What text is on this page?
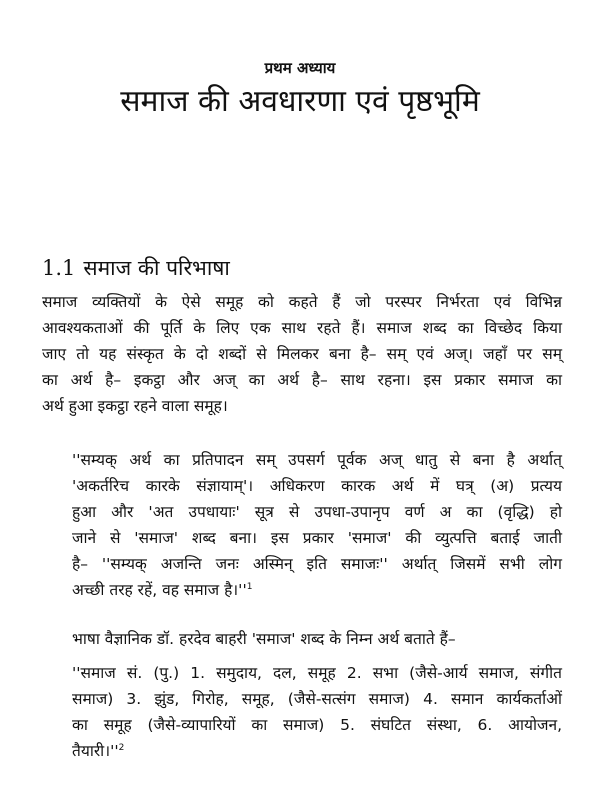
प्रथम अध्याय
समाज की अवधारणा एवं पृष्ठभूमि
1.1 समाज की परिभाषा
समाज व्यक्तियों के ऐसे समूह को कहते हैं जो परस्पर निर्भरता एवं विभिन्न
आवश्यकताओं की पूर्ति के लिए एक साथ रहते हैं। समाज शब्द का विच्छेद किया
जाए तो यह संस्कृत के दो शब्दों से मिलकर बना है– सम् एवं अज्। जहाँ पर सम्
का अर्थ है– इकट्ठा और अज् का अर्थ है– साथ रहना। इस प्रकार समाज का
अर्थ हुआ इकट्ठा रहने वाला समूह।
''सम्यक् अर्थ का प्रतिपादन सम् उपसर्ग पूर्वक अज् धातु से बना है अर्थात्
'अकर्तरिच कारके संज्ञायाम्'। अधिकरण कारक अर्थ में घत्र् (अ) प्रत्यय
हुआ और 'अत उपधायाः' सूत्र से उपधा-उपानृप वर्ण अ का (वृद्धि) हो
जाने से 'समाज' शब्द बना। इस प्रकार 'समाज' की व्युत्पत्ति बताई जाती
है– ''सम्यक् अजन्ति जनः अस्मिन् इति समाजः'' अर्थात् जिसमें सभी लोग
अच्छी तरह रहें, वह समाज $है।''^1$
भाषा वैज्ञानिक डॉ. हरदेव बाहरी 'समाज' शब्द के निम्न अर्थ बताते हैं–
''समाज सं. (पु.) 1. समुदाय, दल, समूह 2. सभा (जैसे-आर्य समाज, संगीत
समाज) 3. झुंड, गिरोह, समूह, (जैसे-सत्संग समाज) 4. समान कार्यकर्ताओं
का समूह (जैसे-व्यापारियों का समाज) 5. संघटित संस्था, 6. आयोजन,
$तैयारी।''^2$
